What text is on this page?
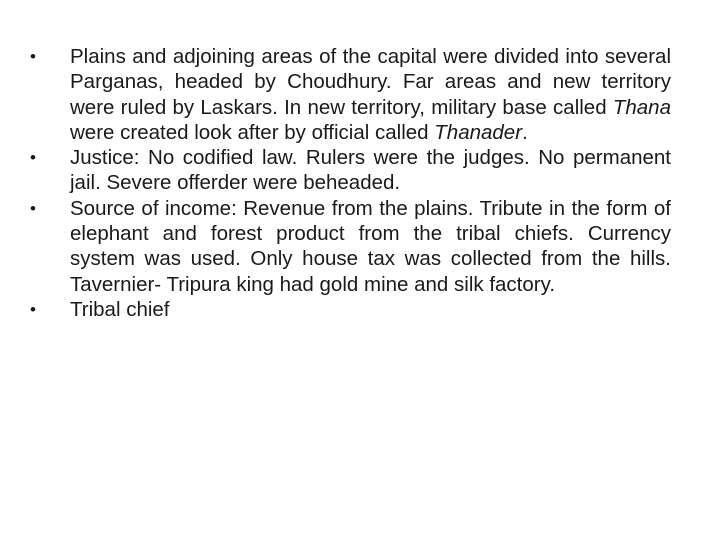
•	Plains and adjoining areas of the capital were divided into several Parganas, headed by Choudhury. Far areas and new territory were ruled by Laskars. In new territory, military base called Thana were created look after by official called Thanader.
•	Justice: No codified law. Rulers were the judges. No permanent jail. Severe offerder were beheaded.
•	Source of income: Revenue from the plains. Tribute in the form of elephant and forest product from the tribal chiefs. Currency system was used. Only house tax was collected from the hills. Tavernier- Tripura king had gold mine and silk factory.
•	Tribal chief
